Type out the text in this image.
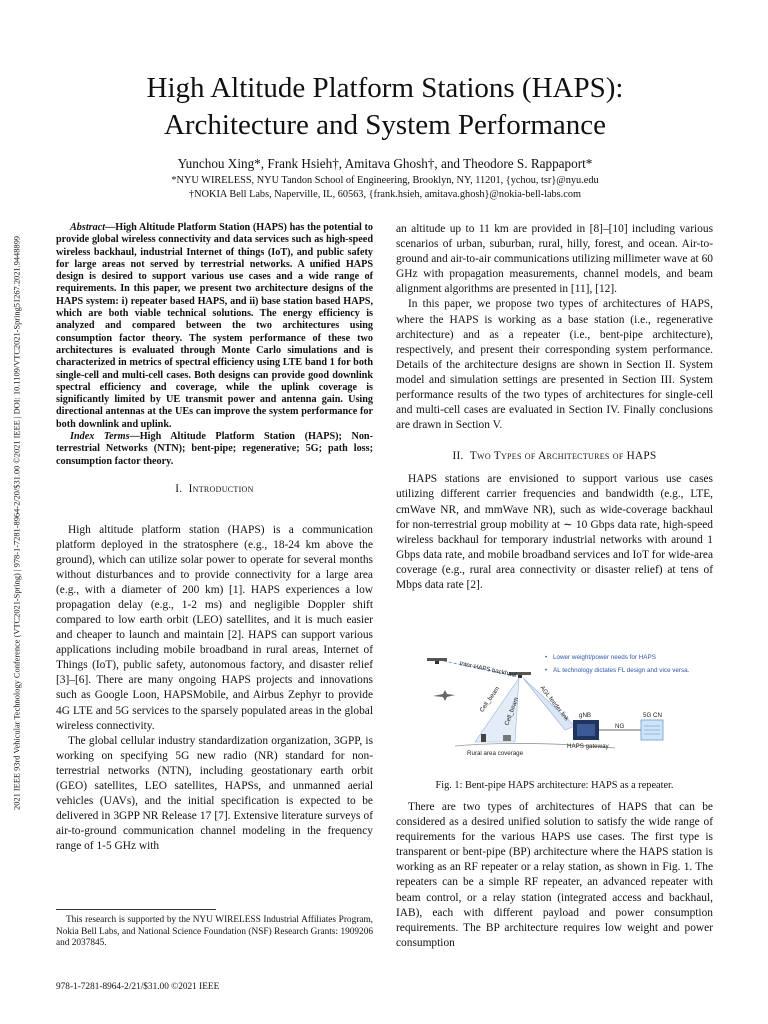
2021 IEEE 93rd Vehicular Technology Conference (VTC2021-Spring) | 978-1-7281-8964-2/20/$31.00 ©2021 IEEE | DOI: 10.1109/VTC2021-Spring51267.2021.9448899
High Altitude Platform Stations (HAPS):
Architecture and System Performance
Yunchou Xing*, Frank Hsieh†, Amitava Ghosh†, and Theodore S. Rappaport*
*NYU WIRELESS, NYU Tandon School of Engineering, Brooklyn, NY, 11201, {ychou, tsr}@nyu.edu
†NOKIA Bell Labs, Naperville, IL, 60563, {frank.hsieh, amitava.ghosh}@nokia-bell-labs.com

Abstract—High Altitude Platform Station (HAPS) has the potential to provide global wireless connectivity and data services such as high-speed wireless backhaul, industrial Internet of things (IoT), and public safety for large areas not served by terrestrial networks. A unified HAPS design is desired to support various use cases and a wide range of requirements. In this paper, we present two architecture designs of the HAPS system: i) repeater based HAPS, and ii) base station based HAPS, which are both viable technical solutions. The energy efficiency is analyzed and compared between the two architectures using consumption factor theory. The system performance of these two architectures is evaluated through Monte Carlo simulations and is characterized in metrics of spectral efficiency using LTE band 1 for both single-cell and multi-cell cases. Both designs can provide good downlink spectral efficiency and coverage, while the uplink coverage is significantly limited by UE transmit power and antenna gain. Using directional antennas at the UEs can improve the system performance for both downlink and uplink.

Index Terms—High Altitude Platform Station (HAPS); Non-terrestrial Networks (NTN); bent-pipe; regenerative; 5G; path loss; consumption factor theory.

I. Introduction

High altitude platform station (HAPS) is a communication platform deployed in the stratosphere (e.g., 18-24 km above the ground), which can utilize solar power to operate for several months without disturbances and to provide connectivity for a large area (e.g., with a diameter of 200 km) [1]. HAPS experiences a low propagation delay (e.g., 1-2 ms) and negligible Doppler shift compared to low earth orbit (LEO) satellites, and it is much easier and cheaper to launch and maintain [2]. HAPS can support various applications including mobile broadband in rural areas, Internet of Things (IoT), public safety, autonomous factory, and disaster relief [3]–[6]. There are many ongoing HAPS projects and innovations such as Google Loon, HAPSMobile, and Airbus Zephyr to provide 4G LTE and 5G services to the sparsely populated areas in the global wireless connectivity.

The global cellular industry standardization organization, 3GPP, is working on specifying 5G new radio (NR) standard for non-terrestrial networks (NTN), including geostationary earth orbit (GEO) satellites, LEO satellites, HAPSs, and unmanned aerial vehicles (UAVs), and the initial specification is expected to be delivered in 3GPP NR Release 17 [7]. Extensive literature surveys of air-to-ground communication channel modeling in the frequency range of 1-5 GHz with

This research is supported by the NYU WIRELESS Industrial Affiliates Program, Nokia Bell Labs, and National Science Foundation (NSF) Research Grants: 1909206 and 2037845.
978-1-7281-8964-2/21/$31.00 ©2021 IEEE

an altitude up to 11 km are provided in [8]–[10] including various scenarios of urban, suburban, rural, hilly, forest, and ocean. Air-to-ground and air-to-air communications utilizing millimeter wave at 60 GHz with propagation measurements, channel models, and beam alignment algorithms are presented in [11], [12].

In this paper, we propose two types of architectures of HAPS, where the HAPS is working as a base station (i.e., regenerative architecture) and as a repeater (i.e., bent-pipe architecture), respectively, and present their corresponding system performance. Details of the architecture designs are shown in Section II. System model and simulation settings are presented in Section III. System performance results of the two types of architectures for single-cell and multi-cell cases are evaluated in Section IV. Finally conclusions are drawn in Section V.

II. Two Types of Architectures of HAPS

HAPS stations are envisioned to support various use cases utilizing different carrier frequencies and bandwidth (e.g., LTE, cmWave NR, and mmWave NR), such as wide-coverage backhaul for non-terrestrial group mobility at ∼ 10 Gbps data rate, high-speed wireless backhaul for temporary industrial networks with around 1 Gbps data rate, and mobile broadband services and IoT for wide-area coverage (e.g., rural area connectivity or disaster relief) at tens of Mbps data rate [2].

• Lower weight/power needs for HAPS
• AL technology dictates FL design and vice versa.
Inter-HAPS backhaul
Cell_beam Cell_beam	AGL feeder link gNB	5G CN
NG
HAPS gateway
Rural area coverage
Fig. 1: Bent-pipe HAPS architecture: HAPS as a repeater.

There are two types of architectures of HAPS that can be considered as a desired unified solution to satisfy the wide range of requirements for the various HAPS use cases. The first type is transparent or bent-pipe (BP) architecture where the HAPS station is working as an RF repeater or a relay station, as shown in Fig. 1. The repeaters can be a simple RF repeater, an advanced repeater with beam control, or a relay station (integrated access and backhaul, IAB), each with different payload and power consumption requirements. The BP architecture requires low weight and power consumption
